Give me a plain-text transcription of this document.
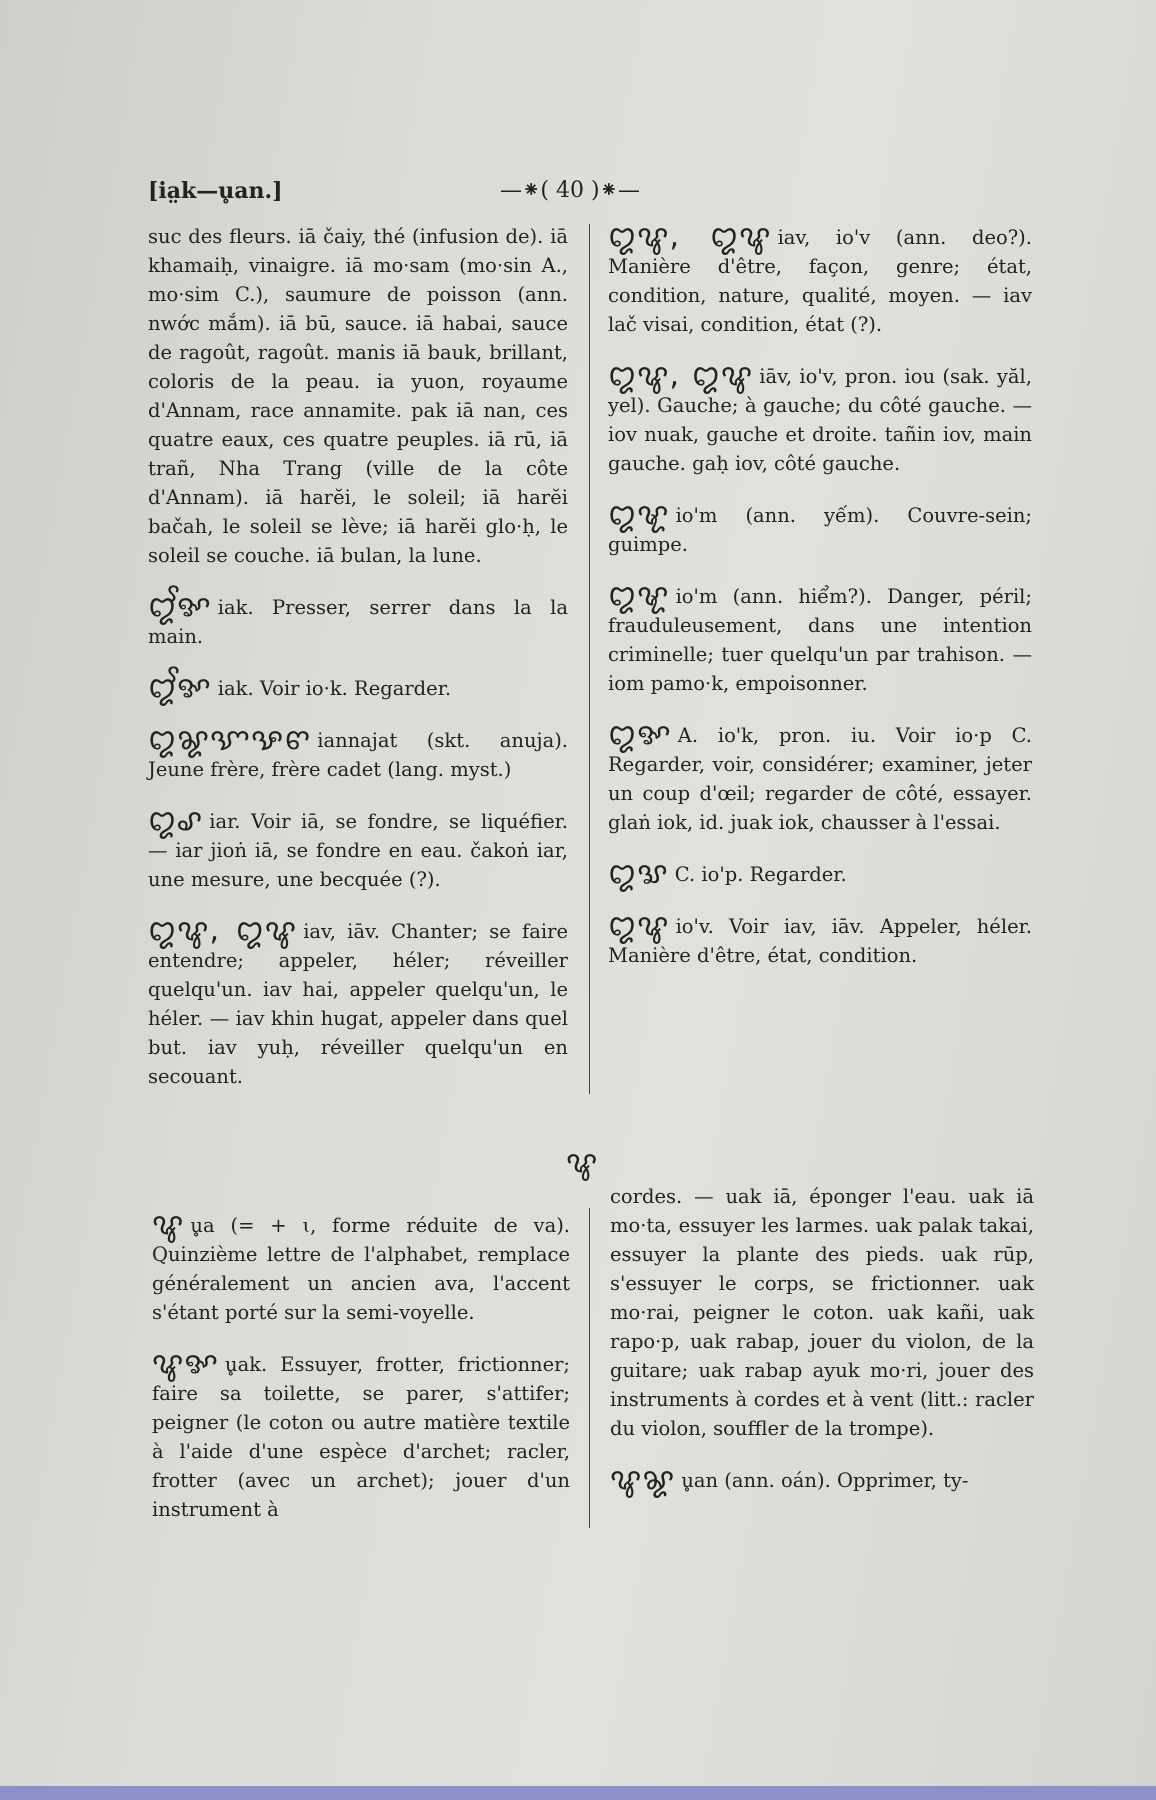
[ia̤k—u̥an.]	—⁕( 40 )⁕—

suc des fleurs. iā čaiy, thé (infusion de). iā khamaiḥ, vinaigre. iā mo·sam (mo·sin A., mo·sim C.), saumure de poisson (ann. nwớc mắm). iā bū, sauce. iā habai, sauce de ragoût, ragoût. manis iā bauk, brillant, coloris de la peau. ia yuon, royaume d'Annam, race annamite. pak iā nan, ces quatre eaux, ces quatre peuples. iā rū, iā trañ, Nha Trang (ville de la côte d'Annam). iā harĕi, le soleil; iā harĕi bačah, le soleil se lève; iā harĕi glo·ḥ, le soleil se couche. iā bulan, la lune.

ꨁꨩꨀ iak. Presser, serrer dans la la main.

ꨁꨩꨀ iak. Voir io·k. Regarder.

ꨁꨘꨎꨊꨓ iannajat (skt. anuja). Jeune frère, frère cadet (lang. myst.)

ꨁꨣ iar. Voir iā, se fondre, se liquéfier. — iar jioṅ iā, se fondre en eau. čakoṅ iar, une mesure, une becquée (?).

ꨁꨥ, ꨁꨥ iav, iāv. Chanter; se faire entendre; appeler, héler; réveiller quelqu'un. iav hai, appeler quelqu'un, le héler. — iav khin hugat, appeler dans quel but. iav yuḥ, réveiller quelqu'un en secouant.

ꨁꨥ, ꨁꨥ iav, io'v (ann. deo?). Manière d'être, façon, genre; état, condition, nature, qualité, moyen. — iav lač visai, condition, état (?).

ꨁꨥ, ꨁꨥ iāv, io'v, pron. iou (sak. yăl, yel). Gauche; à gauche; du côté gauche. — iov nuak, gauche et droite. tañin iov, main gauche. gaḥ iov, côté gauche.

ꨁꨠ io'm (ann. yếm). Couvre-sein; guimpe.

ꨁꨠ io'm (ann. hiểm?). Danger, péril; frauduleusement, dans une intention criminelle; tuer quelqu'un par trahison. — iom pamo·k, empoisonner.

ꨁꨀ A. io'k, pron. iu. Voir io·p C. Regarder, voir, considérer; examiner, jeter un coup d'œil; regarder de côté, essayer. glaṅ iok, id. juak iok, chausser à l'essai.

ꨁꨛ C. io'p. Regarder.

ꨁꨥ io'v. Voir iav, iāv. Appeler, héler. Manière d'être, état, condition.

ꨥ

ꨥu̥a (= + ɩ, forme réduite de va). Quinzième lettre de l'alphabet, remplace généralement un ancien ava, l'accent s'étant porté sur la semi-voyelle.

ꨥꨀ u̥ak. Essuyer, frotter, frictionner; faire sa toilette, se parer, s'attifer; peigner (le coton ou autre matière textile à l'aide d'une espèce d'archet; racler, frotter (avec un archet); jouer d'un instrument à

cordes. — uak iā, éponger l'eau. uak iā mo·ta, essuyer les larmes. uak palak takai, essuyer la plante des pieds. uak rūp, s'essuyer le corps, se frictionner. uak mo·rai, peigner le coton. uak kañi, uak rapo·p, uak rabap, jouer du violon, de la guitare; uak rabap ayuk mo·ri, jouer des instruments à cordes et à vent (litt.: racler du violon, souffler de la trompe).

ꨥꨘ u̥an (ann. oán). Opprimer, ty-
